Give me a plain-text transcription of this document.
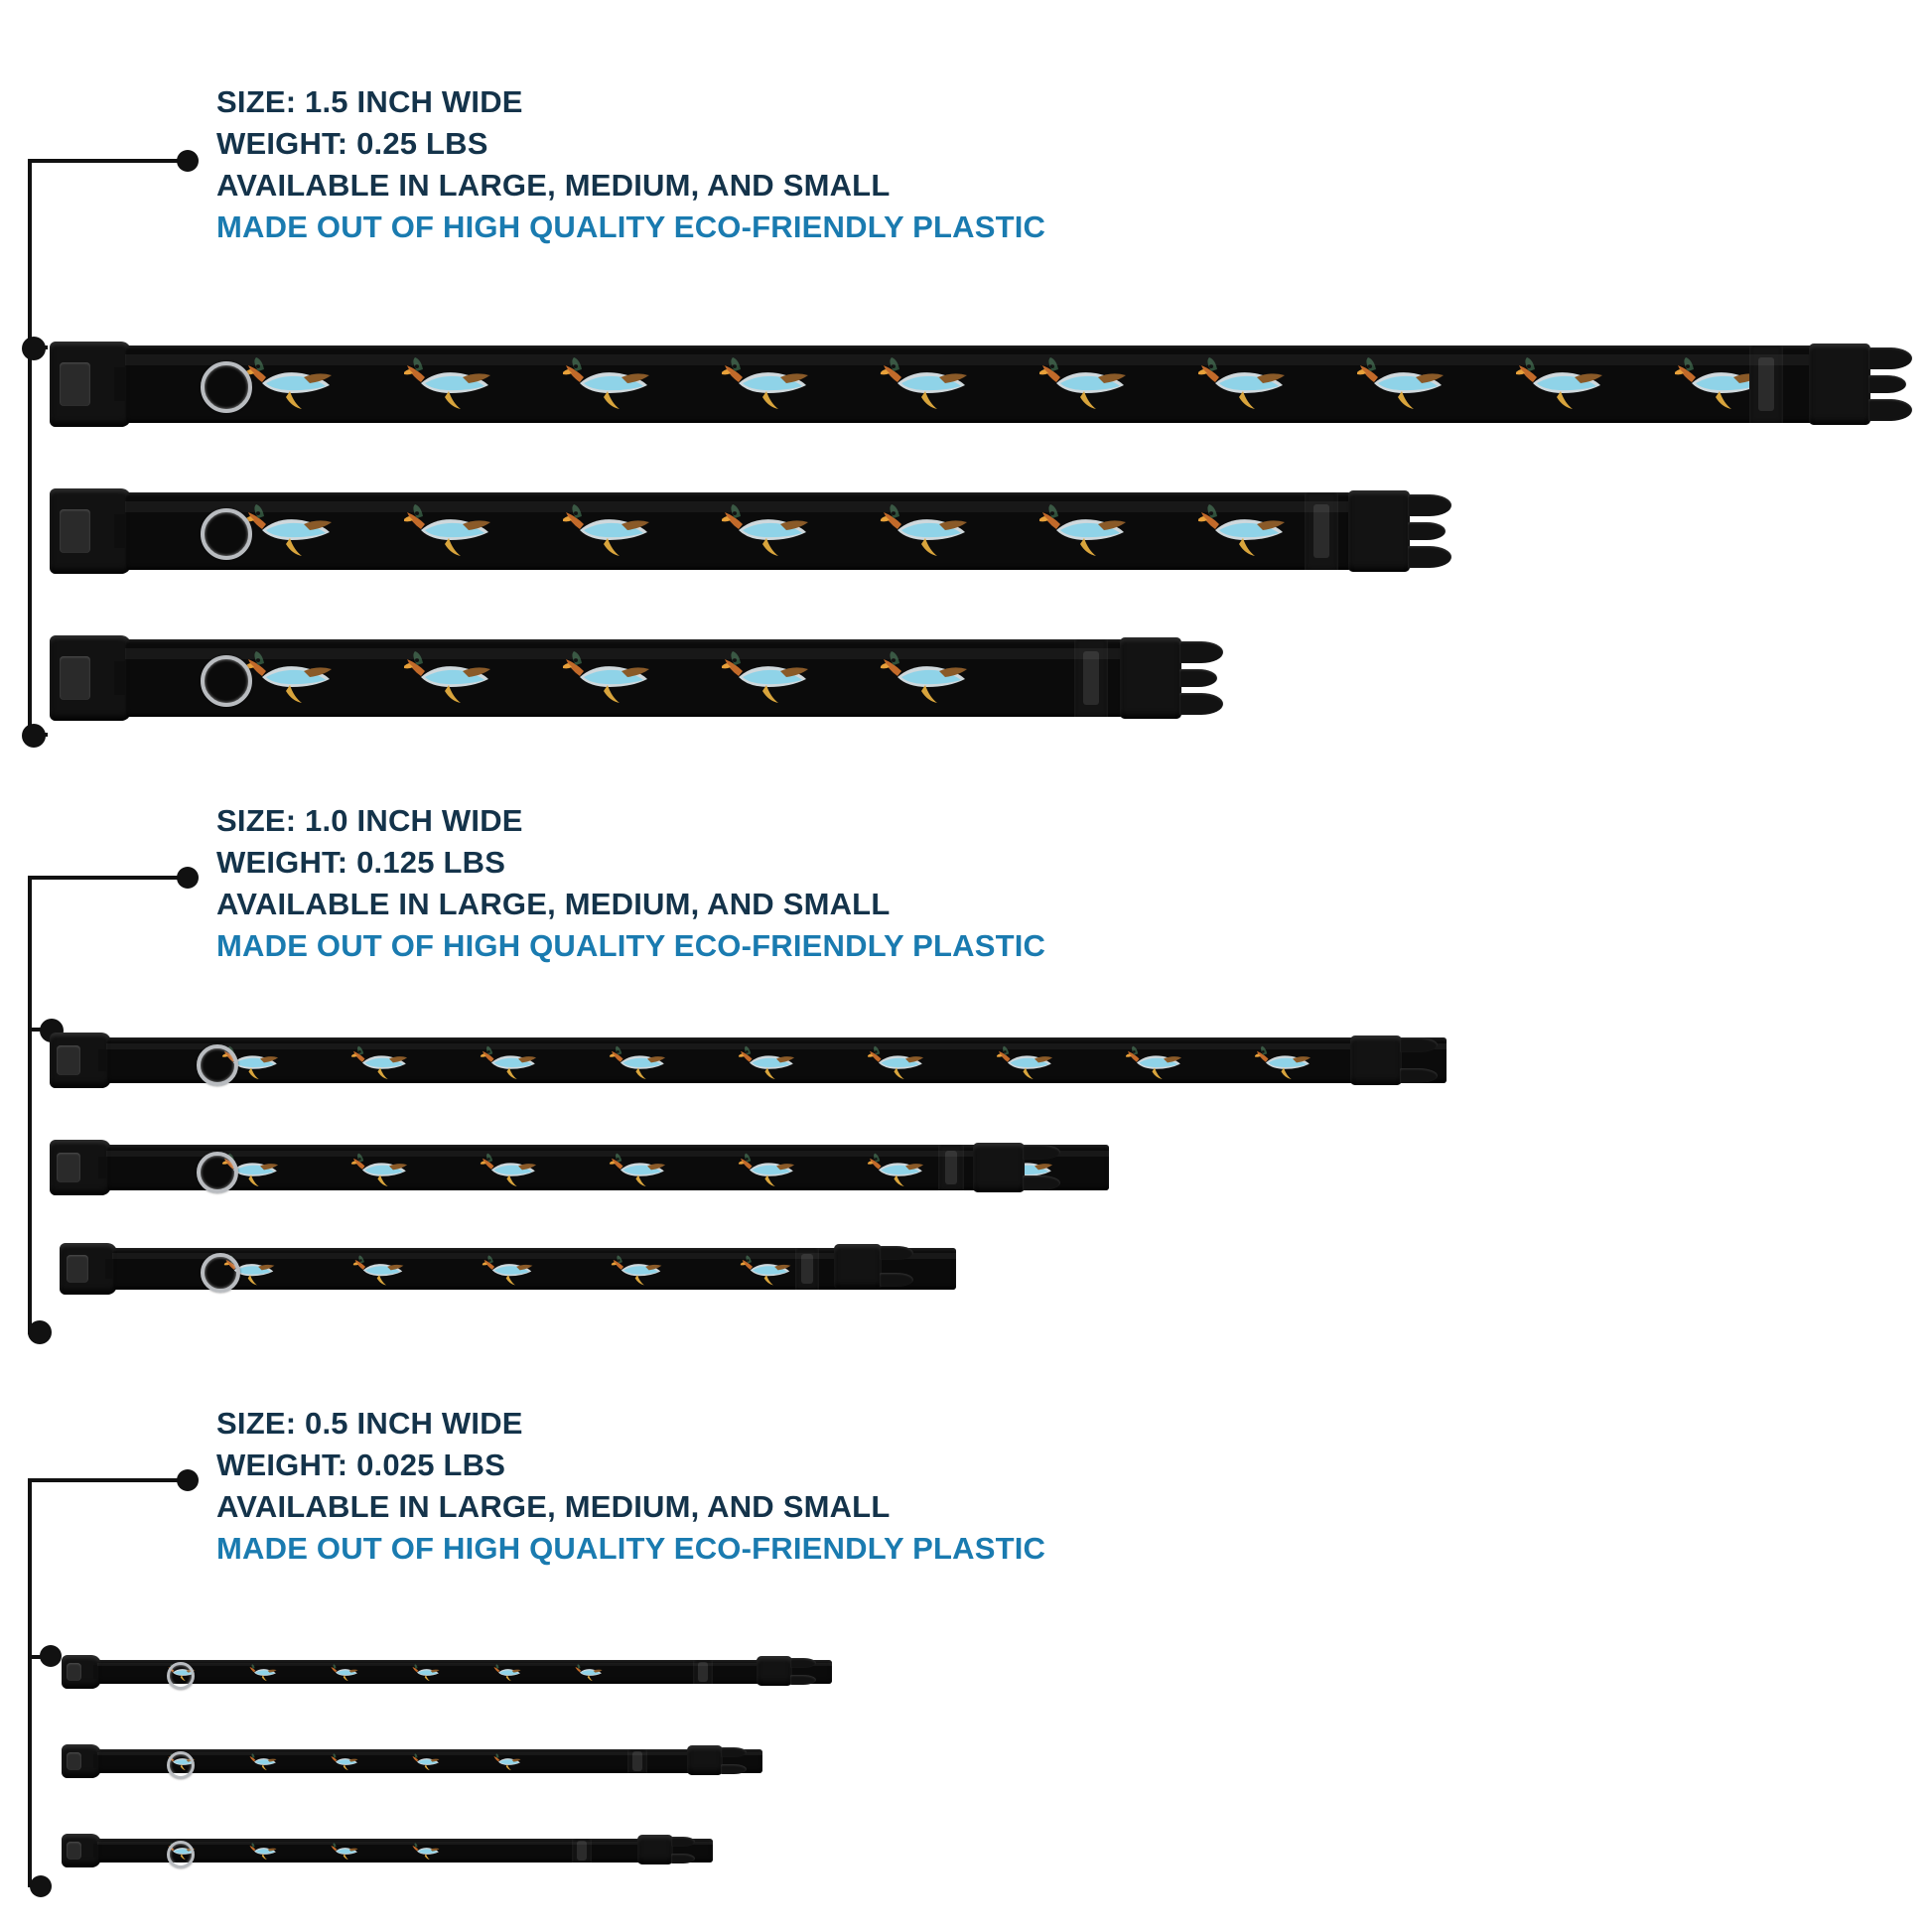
SIZE: 1.5 INCH WIDE
WEIGHT: 0.25 LBS
AVAILABLE IN LARGE, MEDIUM, AND SMALL
MADE OUT OF HIGH QUALITY ECO-FRIENDLY PLASTIC
SIZE: 1.0 INCH WIDE
WEIGHT: 0.125 LBS
AVAILABLE IN LARGE, MEDIUM, AND SMALL
MADE OUT OF HIGH QUALITY ECO-FRIENDLY PLASTIC
SIZE: 0.5 INCH WIDE
WEIGHT: 0.025 LBS
AVAILABLE IN LARGE, MEDIUM, AND SMALL
MADE OUT OF HIGH QUALITY ECO-FRIENDLY PLASTIC
